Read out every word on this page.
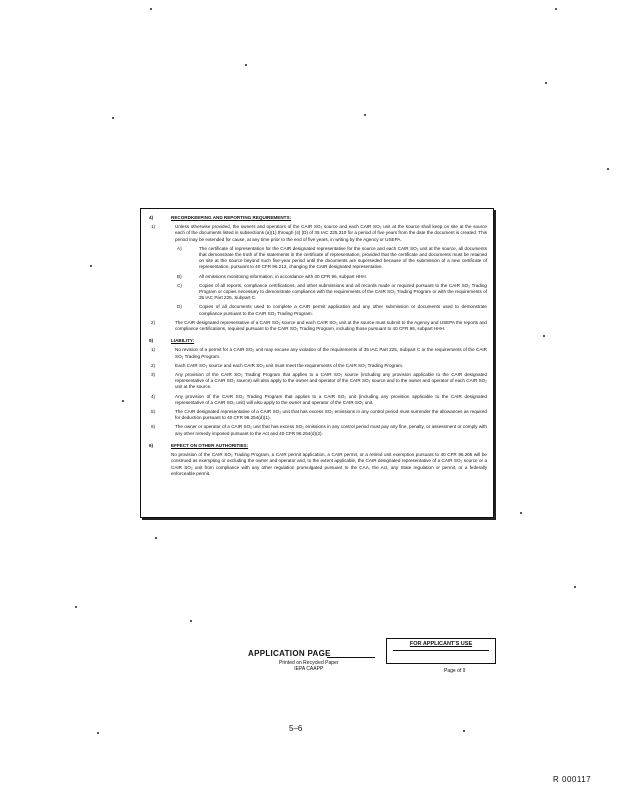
4)	RECORDKEEPING AND REPORTING REQUIREMENTS:
1)	Unless otherwise provided, the owners and operators of the CAIR SO₂ source and each CAIR SO₂ unit at the source shall keep on site at the source each of the documents listed in subsections (a)(1) through (4) (D) of 35 IAC 225.310 for a period of five years from the date the document is created. This period may be extended for cause, at any time prior to the end of five years, in writing by the Agency or USEPA.
A)	The certificate of representation for the CAIR designated representative for the source and each CAIR SO₂ unit at the source, all documents that demonstrate the truth of the statements in the certificate of representation; provided that the certificate and documents must be retained on site at the source beyond such five-year period until the documents are superseded because of the submission of a new certificate of representation, pursuant to 40 CFR 96.213, changing the CAIR designated representative.
B)	All emissions monitoring information, in accordance with 40 CFR 96, subpart HHH.
C)	Copies of all reports, compliance certifications, and other submissions and all records made or required pursuant to the CAIR SO₂ Trading Program or copies necessary to demonstrate compliance with the requirements of the CAIR SO₂ Trading Program or with the requirements of 35 IAC Part 225, Subpart C.
D)	Copies of all documents used to complete a CAIR permit application and any other submission or documents used to demonstrate compliance pursuant to the CAIR SO₂ Trading Program.
2)	The CAIR designated representative of a CAIR SO₂ source and each CAIR SO₂ unit at the source must submit to the Agency and USEPA the reports and compliance certifications, required pursuant to the CAIR SO₂ Trading Program, including those pursuant to 40 CFR 96, subpart HHH.
5)	LIABILITY:
1)	No revision of a permit for a CAIR SO₂ unit may excuse any violation of the requirements of 35 IAC Part 225, Subpart C or the requirements of the CAIR SO₂ Trading Program.
2)	Each CAIR SO₂ source and each CAIR SO₂ unit must meet the requirements of the CAIR SO₂ Trading Program.
3)	Any provision of the CAIR SO₂ Trading Program that applies to a CAIR SO₂ source (including any provision applicable to the CAIR designated representative of a CAIR SO₂ source) will also apply to the owner and operator of the CAIR SO₂ source and to the owner and operator of each CAIR SO₂ unit at the source.
4)	Any provision of the CAIR SO₂ Trading Program that applies to a CAIR SO₂ unit (including any provision applicable to the CAIR designated representative of a CAIR SO₂ unit) will also apply to the owner and operator of the CAIR SO₂ unit.
5)	The CAIR designated representative of a CAIR SO₂ unit that has excess SO₂ emissions in any control period must surrender the allowances as required for deduction pursuant to 40 CFR 96.254(d)(1).
6)	The owner or operator of a CAIR SO₂ unit that has excess SO₂ emissions in any control period must pay any fine, penalty, or assessment or comply with any other remedy imposed pursuant to the Act and 40 CFR 96.254(d)(2).
6)	EFFECT ON OTHER AUTHORITIES:
No provision of the CAIR SO₂ Trading Program, a CAIR permit application, a CAIR permit, or a retired unit exemption pursuant to 40 CFR 96.205 will be construed as exempting or excluding the owner and operator and, to the extent applicable, the CAIR designated representative of a CAIR SO₂ source or a CAIR SO₂ unit from compliance with any other regulation promulgated pursuant to the CAA, the Act, any State regulation or permit, or a federally enforceable permit.
APPLICATION PAGE
FOR APPLICANT'S USE
Printed on Recycled Paper
IEPA CAAPP	Page of 9
5–6
R 000117
